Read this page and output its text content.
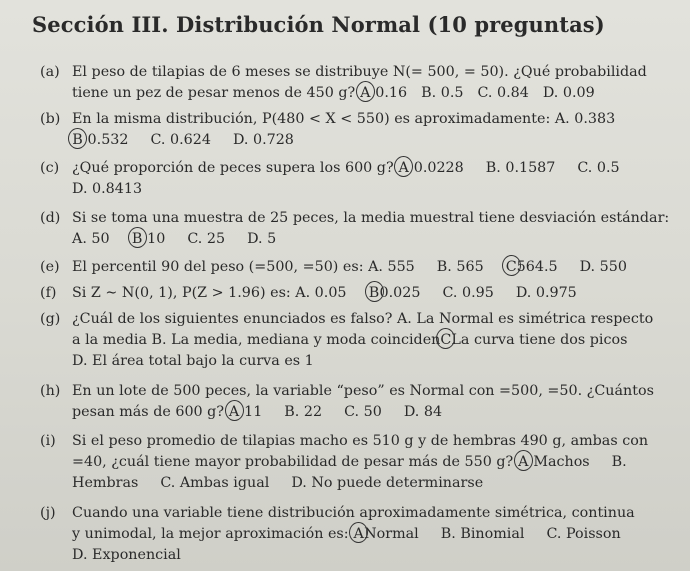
Sección III. Distribución Normal (10 preguntas)
(a) El peso de tilapias de 6 meses se distribuye N(= 500, = 50). ¿Qué probabilidad
tiene un pez de pesar menos de 450 g? A 0.16 B. 0.5 C. 0.84 D. 0.09
(b) En la misma distribución, P(480 < X < 550) es aproximadamente: A. 0.383
B 0.532 C. 0.624 D. 0.728
(c) ¿Qué proporción de peces supera los 600 g? A 0.0228 B. 0.1587 C. 0.5
D. 0.8413
(d) Si se toma una muestra de 25 peces, la media muestral tiene desviación estándar:
A. 50 B 10 C. 25 D. 5
(e) El percentil 90 del peso (=500, =50) es: A. 555 B. 565 C564.5 D. 550
(f) Si Z ∼ N(0, 1), P(Z > 1.96) es: A. 0.05 B0.025 C. 0.95 D. 0.975
(g) ¿Cuál de los siguientes enunciados es falso? A. La Normal es simétrica respecto
a la media B. La media, mediana y moda coincidenCLa curva tiene dos picos
D. El área total bajo la curva es 1
(h) En un lote de 500 peces, la variable “peso” es Normal con =500, =50. ¿Cuántos
pesan más de 600 g? A 11 B. 22 C. 50 D. 84
(i) Si el peso promedio de tilapias macho es 510 g y de hembras 490 g, ambas con
=40, ¿cuál tiene mayor probabilidad de pesar más de 550 g? A Machos B.
Hembras C. Ambas igual D. No puede determinarse
(j) Cuando una variable tiene distribución aproximadamente simétrica, continua
y unimodal, la mejor aproximación es: ANormal B. Binomial C. Poisson
D. Exponencial
